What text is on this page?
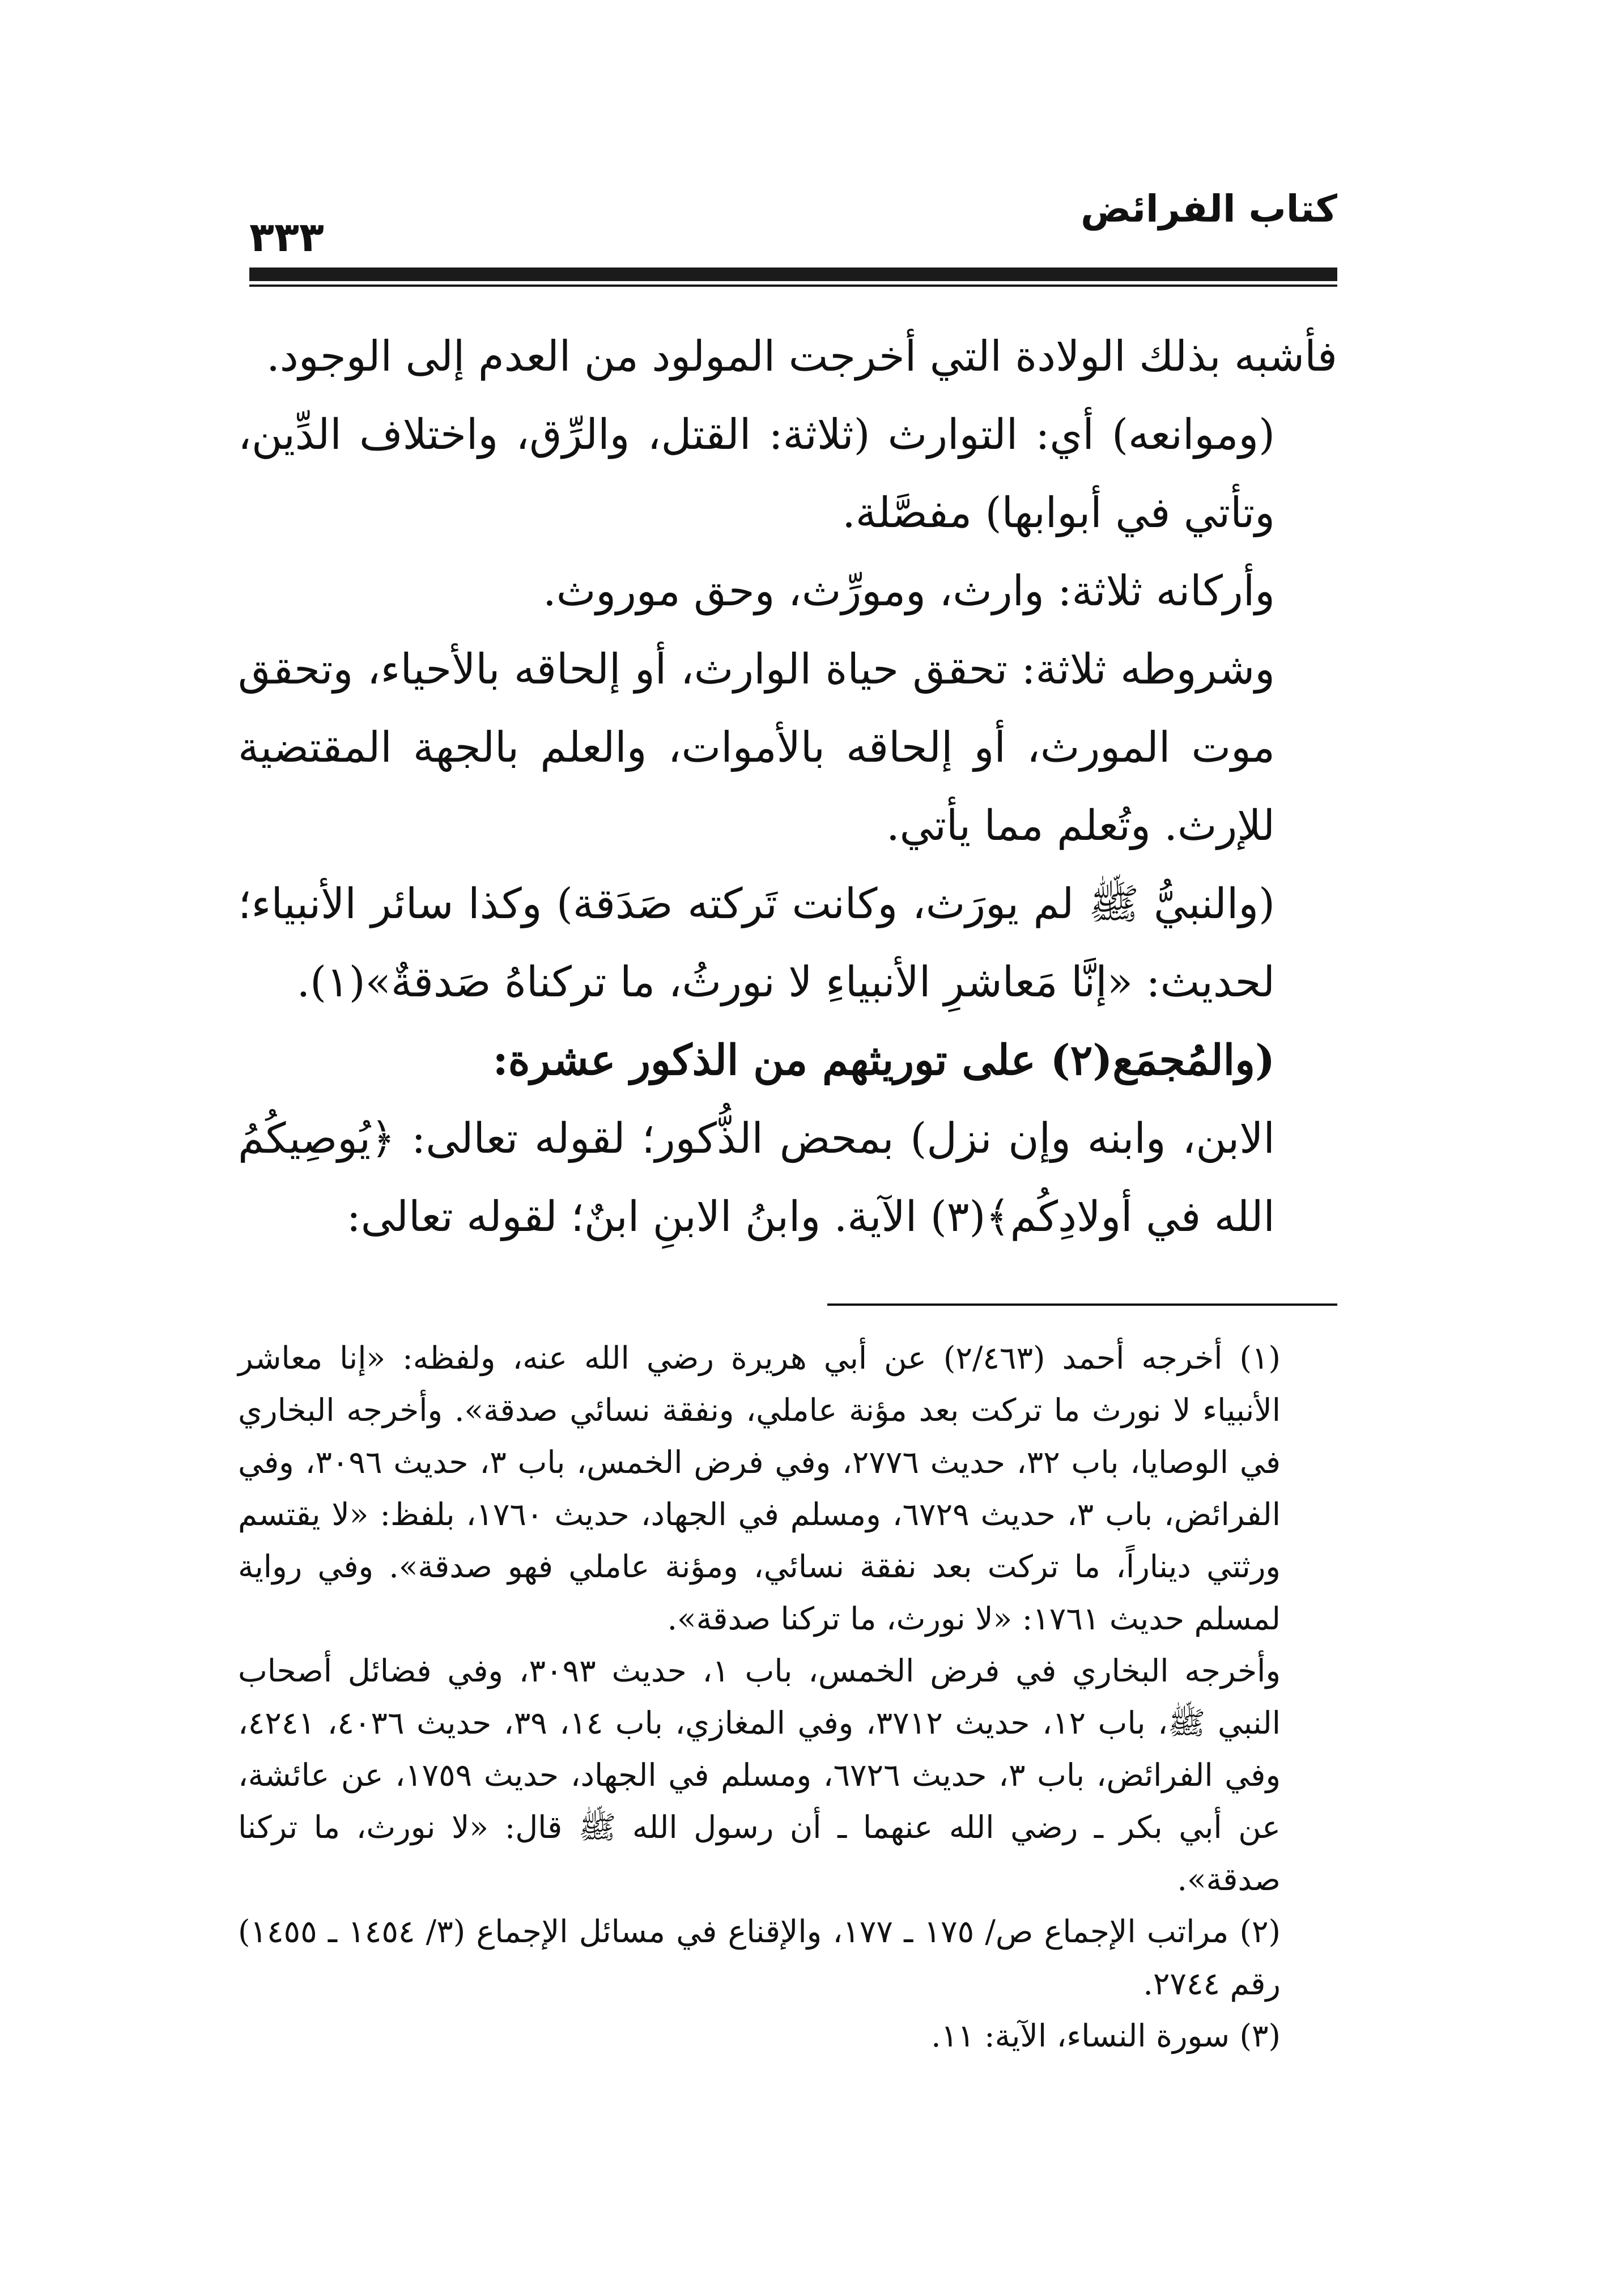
كتاب الفرائض
٣٣٣

فأشبه بذلك الولادة التي أخرجت المولود من العدم إلى الوجود.

(وموانعه) أي: التوارث (ثلاثة: القتل، والرِّق، واختلاف الدِّين، وتأتي في أبوابها) مفصَّلة.

وأركانه ثلاثة: وارث، ومورِّث، وحق موروث.

وشروطه ثلاثة: تحقق حياة الوارث، أو إلحاقه بالأحياء، وتحقق موت المورث، أو إلحاقه بالأموات، والعلم بالجهة المقتضية للإرث. وتُعلم مما يأتي.

(والنبيُّ ﷺ لم يورَث، وكانت تَركته صَدَقة) وكذا سائر الأنبياء؛ لحديث: «إنَّا مَعاشرِ الأنبياءِ لا نورثُ، ما تركناهُ صَدقةٌ»(١).

(والمُجمَع(٢) على توريثهم من الذكور عشرة:

الابن، وابنه وإن نزل) بمحض الذُّكور؛ لقوله تعالى: ﴿يُوصِيكُمُ الله في أولادِكُم﴾(٣) الآية. وابنُ الابنِ ابنٌ؛ لقوله تعالى:

(١) أخرجه أحمد (٢/٤٦٣) عن أبي هريرة رضي الله عنه، ولفظه: «إنا معاشر الأنبياء لا نورث ما تركت بعد مؤنة عاملي، ونفقة نسائي صدقة». وأخرجه البخاري في الوصايا، باب ٣٢، حديث ٢٧٧٦، وفي فرض الخمس، باب ٣، حديث ٣٠٩٦، وفي الفرائض، باب ٣، حديث ٦٧٢٩، ومسلم في الجهاد، حديث ١٧٦٠، بلفظ: «لا يقتسم ورثتي ديناراً، ما تركت بعد نفقة نسائي، ومؤنة عاملي فهو صدقة». وفي رواية لمسلم حديث ١٧٦١: «لا نورث، ما تركنا صدقة».

وأخرجه البخاري في فرض الخمس، باب ١، حديث ٣٠٩٣، وفي فضائل أصحاب النبي ﷺ، باب ١٢، حديث ٣٧١٢، وفي المغازي، باب ١٤، ٣٩، حديث ٤٠٣٦، ٤٢٤١، وفي الفرائض، باب ٣، حديث ٦٧٢٦، ومسلم في الجهاد، حديث ١٧٥٩، عن عائشة، عن أبي بكر ـ رضي الله عنهما ـ أن رسول الله ﷺ قال: «لا نورث، ما تركنا صدقة».

(٢) مراتب الإجماع ص/ ١٧٥ ـ ١٧٧، والإقناع في مسائل الإجماع (٣/ ١٤٥٤ ـ ١٤٥٥) رقم ٢٧٤٤.

(٣) سورة النساء، الآية: ١١.
